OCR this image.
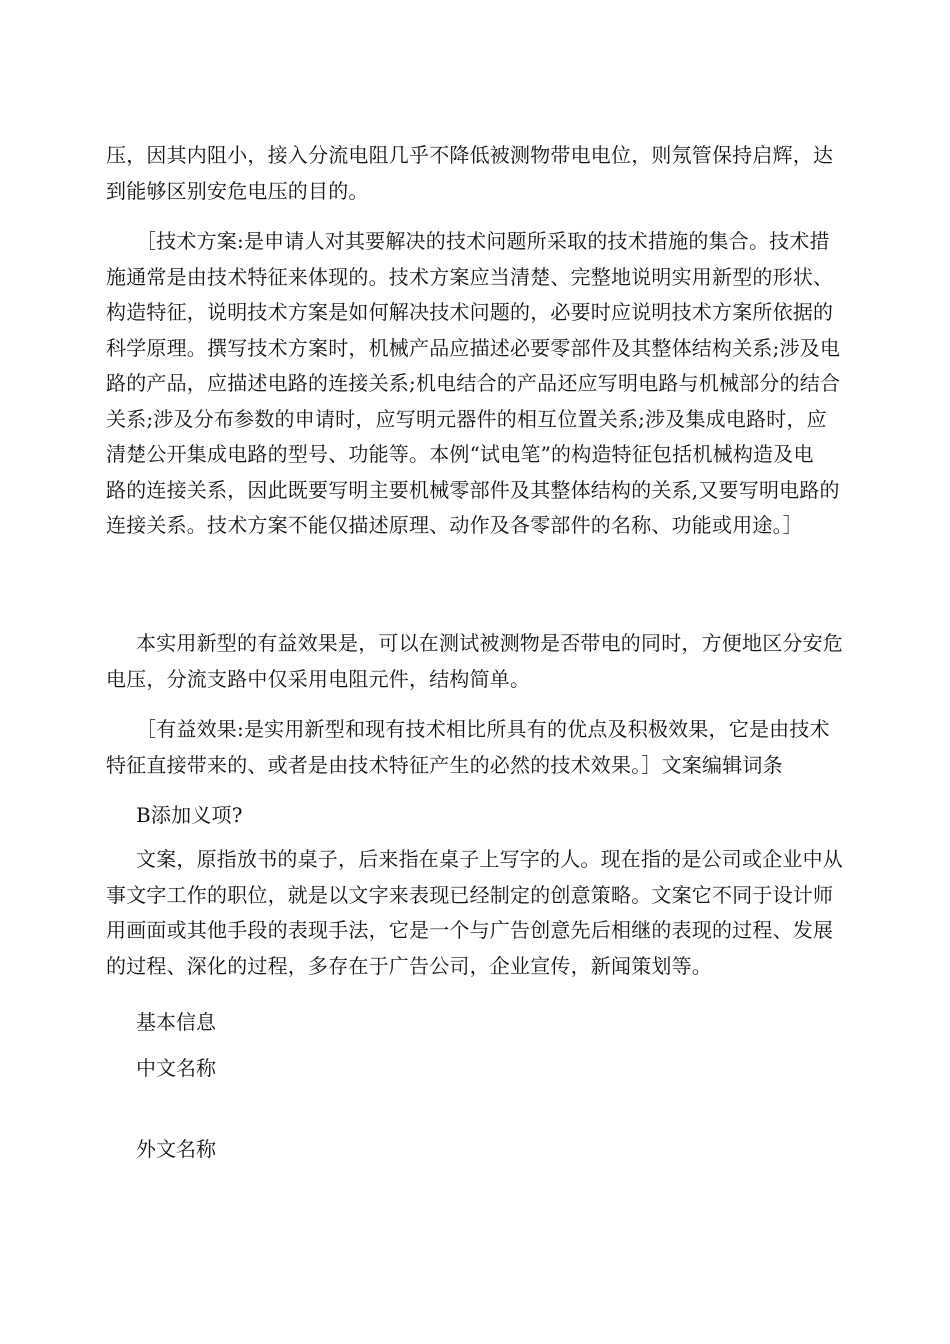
压，因其内阻小，接入分流电阻几乎不降低被测物带电电位，则氖管保持启辉，达
到能够区别安危电压的目的。
［技术方案:是申请人对其要解决的技术问题所采取的技术措施的集合。技术措
施通常是由技术特征来体现的。技术方案应当清楚、完整地说明实用新型的形状、
构造特征，说明技术方案是如何解决技术问题的，必要时应说明技术方案所依据的
科学原理。撰写技术方案时，机械产品应描述必要零部件及其整体结构关系;涉及电
路的产品，应描述电路的连接关系;机电结合的产品还应写明电路与机械部分的结合
关系;涉及分布参数的申请时，应写明元器件的相互位置关系;涉及集成电路时，应
清楚公开集成电路的型号、功能等。本例“试电笔”的构造特征包括机械构造及电
路的连接关系，因此既要写明主要机械零部件及其整体结构的关系,又要写明电路的
连接关系。技术方案不能仅描述原理、动作及各零部件的名称、功能或用途。］
本实用新型的有益效果是，可以在测试被测物是否带电的同时，方便地区分安危
电压，分流支路中仅采用电阻元件，结构简单。
［有益效果:是实用新型和现有技术相比所具有的优点及积极效果，它是由技术
特征直接带来的、或者是由技术特征产生的必然的技术效果。］文案编辑词条
B添加义项?
文案，原指放书的桌子，后来指在桌子上写字的人。现在指的是公司或企业中从
事文字工作的职位，就是以文字来表现已经制定的创意策略。文案它不同于设计师
用画面或其他手段的表现手法，它是一个与广告创意先后相继的表现的过程、发展
的过程、深化的过程，多存在于广告公司，企业宣传，新闻策划等。
基本信息
中文名称
外文名称
